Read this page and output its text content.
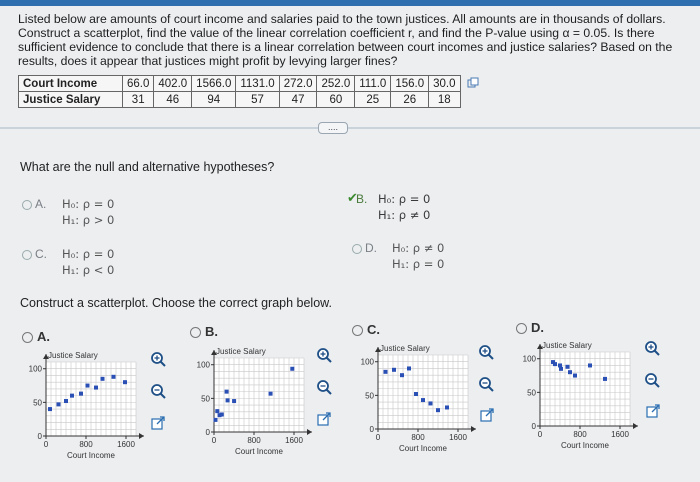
Listed below are amounts of court income and salaries paid to the town justices. All amounts are in thousands of dollars. Construct a scatterplot, find the value of the linear correlation coefficient r, and find the P-value using α = 0.05. Is there sufficient evidence to conclude that there is a linear correlation between court incomes and justice salaries? Based on the results, does it appear that justices might profit by levying larger fines?
Court Income	66.0	402.0	1566.0	1131.0	272.0	252.0	111.0	156.0	30.0
Justice Salary	31	46	94	57	47	60	25	26	18
....
What are the null and alternative hypotheses?
A. H₀: ρ = 0
H₁: ρ > 0
✔
B. H₀: ρ = 0
H₁: ρ ≠ 0
C. H₀: ρ = 0
H₁: ρ < 0
D. H₀: ρ ≠ 0
H₁: ρ = 0
Construct a scatterplot. Choose the correct graph below.
A.	B.	C.	D.
0
50
100
0	800	1600
Justice Salary
Court Income
0
50
100
0	800	1600
Justice Salary
Court Income
0
50
100
0	800	1600
Justice Salary
Court Income
0
50
100
0	800	1600
Justice Salary
Court Income
